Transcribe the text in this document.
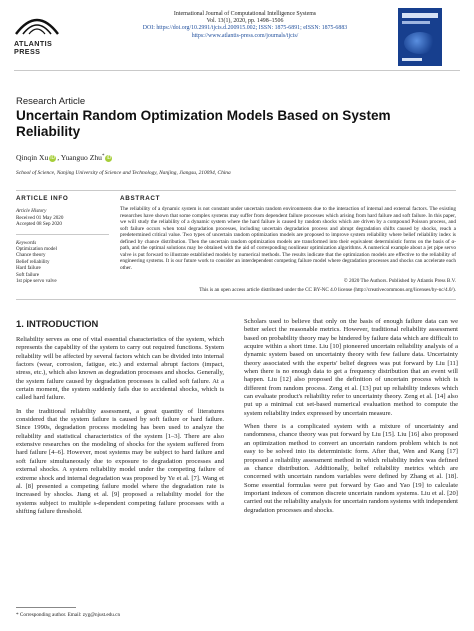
ATLANTIS
PRESS
International Journal of Computational Intelligence Systems
Vol. 13(1), 2020, pp. 1498–1506
DOI: https://doi.org/10.2991/ijcis.d.200915.002; ISSN: 1875-6891; eISSN: 1875-6883
https://www.atlantis-press.com/journals/ijcis/
Research Article
Uncertain Random Optimization Models Based on System Reliability
Qinqin Xu iD , Yuanguo Zhu* iD
School of Science, Nanjing University of Science and Technology, Nanjing, Jiangsu, 210094, China
ARTICLE INFO
Article History
Received 01 May 2020
Accepted 08 Sep 2020
Keywords
Optimization model
Chance theory
Belief reliability
Hard failure
Soft failure
1st pipe servo valve
ABSTRACT
The reliability of a dynamic system is not constant under uncertain random environments due to the interaction of internal and external factors. The existing researches have shown that some complex systems may suffer from dependent failure processes which arising from hard failure and soft failure. In this paper, we will study the reliability of a dynamic system where the hard failure is caused by random shocks which are driven by a compound Poisson process, and soft failure occurs when total degradation processes, including uncertain degradation process and abrupt degradation shifts caused by shocks, reach a predetermined critical value. Two types of uncertain random optimization models are proposed to improve system reliability where belief reliability index is defined by chance distribution. Then the uncertain random optimization models are transformed into their equivalent deterministic forms on the basis of α-path, and the optimal solutions may be obtained with the aid of corresponding nonlinear optimization algorithms. A numerical example about a jet pipe servo valve is put forward to illustrate established models by numerical methods. The results indicate that the optimization models are effective to the reliability of engineering systems. It is our future work to consider an interdependent competing failure model where degradation processes and shocks can accelerate each other.
© 2020 The Authors. Published by Atlantis Press B.V.
This is an open access article distributed under the CC BY-NC 4.0 license (http://creativecommons.org/licenses/by-nc/4.0/).
1. INTRODUCTION

Reliability serves as one of vital essential characteristics of the system, which represents the capability of the system to carry out required functions. System reliability will be affected by several factors which can be divided into internal factors (wear, corrosion, fatigue, etc.) and external abrupt factors (impact, stress, etc.), which also known as degradation processes and shocks. Generally, the system failure caused by degradation processes is called soft failure. At a certain moment, the system suddenly fails due to accidental shocks, which is called hard failure.

In the traditional reliability assessment, a great quantity of literatures considered that the system failure is caused by soft failure or hard failure. Since 1990s, degradation process modeling has been used to analyze the reliability and statistical characteristics of the system [1–3]. There are also extensive researches on the modeling of shocks for the system suffered from hard failure [4–6]. However, most systems may be subject to hard failure and soft failure simultaneously due to exposure to degradation processes and external shocks. A system reliability model under the competing failure of extreme shock and internal degradation was proposed by Ye et al. [7]. Wang et al. [8] presented a competing failure model where the degradation rate is increased by shocks. Jiang et al. [9] proposed a reliability model for the systems subject to multiple s-dependent competing failure processes with a shifting failure threshold.

Scholars used to believe that only on the basis of enough failure data can we better select the reasonable metrics. However, traditional reliability assessment based on probability theory may be hindered by failure data which are difficult to acquire within a short time. Liu [10] pioneered uncertain reliability analysis of a dynamic system based on uncertainty theory with few failure data. Uncertainty theory associated with the experts' belief degrees was put forward by Liu [11] when there is no enough data to get a frequency distribution that an event will happen. Liu [12] also proposed the definition of uncertain process which is different from random process. Zeng et al. [13] put up reliability indexes which can evaluate product's reliability refer to uncertainty theory. Zeng et al. [14] also put up a minimal cut set-based numerical evaluation method to compute the system reliability index expressed by uncertain measure.

When there is a complicated system with a mixture of uncertainty and randomness, chance theory was put forward by Liu [15]. Liu [16] also proposed an optimization method to convert an uncertain random problem which is not easy to be solved into its deterministic form. After that, Wen and Kang [17] proposed a reliability assessment method in which reliability index was defined as chance distribution. Additionally, belief reliability metrics which are concerned with uncertain random variables were defined by Zhang et al. [18]. Some essential formulas were put forward by Gao and Yao [19] to calculate important indexes of common discrete uncertain random systems. Liu et al. [20] carried out the reliability analysis for uncertain random systems with independent degradation processes and shocks.

* Corresponding author. Email: zyg@njust.edu.cn
